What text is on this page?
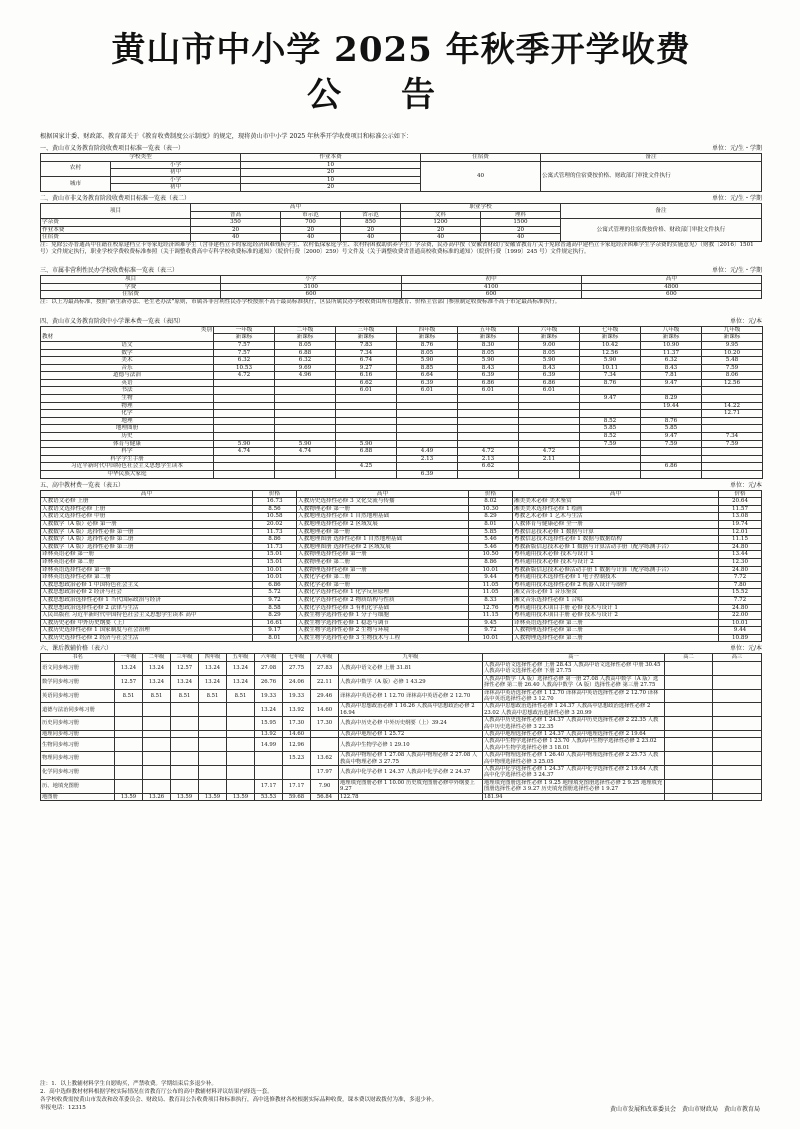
黄山市中小学 2025 年秋季开学收费
公告
根据国家计委、财政部、教育部关于《教育收费制度公示制度》的规定，现将黄山市中小学 2025 年秋季开学收费项目和标准公示如下：
一、黄山市义务教育阶段收费项目标准一览表（表一）	单位：元/生・学期
学校类型		作业本费	住宿费	备注
农村	小学	10	40	公寓式管理的住宿费按价格、财政部门审批文件执行
	初中	20		
城市	小学	10		
	初中	20		
二、黄山市非义务教育阶段收费项目标准一览表（表二）	单位：元/生・学期
项目	高中			职业学校		备注
	普高	市示范	省示范	文科	理科	
学杂费	350	700	850	1200	1500	公寓式管理的住宿费按价格、财政部门审批文件执行
作业本费	20	20	20	20	20	
住宿费	40	40	40	40	40	
注：免除公办普通高中在籍在校原建档立卡等家庭经济困难学生（含非建档立卡的家庭经济困难残疾学生、农村低保家庭学生、农村特困救助供养学生）学杂费，民办高中按（安徽省财政厅安徽省教育厅关于免除普通高中建档立卡家庭经济困难学生学杂费的实施意见）（财教〔2016〕1501 号）文件规定执行，职业学校学费收费标准参照（关于调整收费高中专科学校收费标准的通知）（皖价行费〔2000〕259）号文件及（关于调整收费省普通高校收费标准的通知）（皖价行费〔1999〕245 号）文件规定执行。
三、市属非营利性民办学校收费标准一览表（表三）	单位：元/生・学期
项目	小学	初中	高中
学费	3100	4100	4800
住宿费	600	600	600
注：以上为最高标准，按照“新生新办法、老生老办法”原则，市属各非营利性民办学校按照不高于最高标准执行，区县所属民办学校收费由所在地教育、价格主管部门参照制定收费标准不高于市定最高标准执行。
四、黄山市义务教育阶段中小学课本费一览表（表四）	单位：元/本
类别

教材	一年级	二年级	三年级	四年级	五年级	六年级	七年级	八年级	九年级
	新课标	新课标	新课标	新课标	新课标	新课标	新课标	新课标	新课标
语文	7.57	8.05	7.83	8.76	8.30	9.00	10.42	10.90	9.95
数学	7.57	6.88	7.34	8.05	8.05	8.05	12.56	11.37	10.20
美术	6.32	6.32	6.74	5.90	5.90	5.90	5.90	6.32	5.48
音乐	10.53	9.69	9.27	8.85	8.43	8.43	10.11	8.43	7.59
道德与法治	4.72	4.96	6.16	6.64	6.39	6.39	7.34	7.81	8.06
英语			6.62	6.39	6.86	6.86	8.76	9.47	12.56
书法			6.01	6.01	6.01	6.01			
生物							9.47	8.29	
物理								19.44	14.22
化学									12.71
地理							8.52	8.76	
地理图册							5.85	5.85	
历史							8.52	9.47	7.34
体育与健康	5.90	5.90	5.90				7.59	7.59	7.59
科学	4.74	4.74	6.88	4.49	4.72	4.72			
科学学生手册				2.13	2.13	2.11			
习近平新时代中国特色社会主义思想学生读本			4.25		6.62			6.86	
中华民族大家庭				6.39					
五、高中教材费一览表（表五）	单位：元/本
高中	价格	高中	价格	高中	价格
人教语文必修 上册	16.73	人教历史选择性必修 3 文化交流与传播	8.02	湘美美术必修 美术鉴赏	20.64
人教语文选择性必修 上册	8.56	人教物理必修 第一册	10.30	湘美美术选择性必修 1 绘画	11.57
人教语文选择性必修 中册	10.58	人教地理选择性必修 1 自然地理基础	8.29	粤教艺术必修 1 艺术与生活	13.08
人教数学（A 版）必修 第一册	20.02	人教地理选择性必修 2 区域发展	8.01	人教体育与健康必修 全一册	19.74
人教数学（A 版）选择性必修 第一册	11.73	人教地理必修 第一册	5.85	粤教信息技术必修 1 数据与计算	12.01
人教数学（A 版）选择性必修 第二册	8.86	人教地理图册 选择性必修 1 自然地理基础	5.46	粤教信息技术选择性必修 1 数据与数据结构	11.15
人教数学（A 版）选择性必修 第三册	11.73	人教地理图册 选择性必修 2 区域发展	5.46	粤教新版信息技术必修 1 数据与计算活动手册（配学练测手合）	24.80
译林英语必修 第一册	15.01	人教物理选择性必修 第一册	10.50	粤科通用技术必修 技术与设计 1	13.44
译林英语必修 第二册	15.01	人教物理必修 第二册	8.86	粤科通用技术必修 技术与设计 2	12.30
译林英语选择性必修 第一册	10.01	人教物理选择性必修 第一册	10.01	粤教新版信息技术必修活动手册 1 数据与计算（配学练测手合）	24.80
译林英语选择性必修 第二册	10.01	人教化学必修 第二册	9.44	粤科通用技术选择性必修 1 电子控制技术	7.72
人教思想政治必修 1 中国特色社会主义	6.86	人教化学必修 第一册	11.05	粤科通用技术选择性必修 2 机器人设计与制作	7.80
人教思想政治必修 2 经济与社会	5.72	人教化学选择性必修 1 化学反应原理	11.05	湘文音乐必修 1 音乐鉴赏	15.52
人教思想政治选择性必修 1 当代国际政治与经济	9.72	人教化学选择性必修 2 物质结构与性质	8.33	湘文音乐选择性必修 1 合唱	7.72
人教思想政治选择性必修 2 法律与生活	8.58	人教化学选择性必修 3 有机化学基础	12.76	粤科通用技术项目手册 必修 技术与设计 1	24.80
人民出版社 习近平新时代中国特色社会主义思想学生读本 高中	8.29	人教生物学选择性必修 1 分子与细胞	11.15	粤科通用技术项目手册 必修 技术与设计 2	22.00
人教历史必修 中外历史纲要（上）	16.61	人教生物学选择性必修 1 稳态与调节	9.45	译林英语选择性必修 第三册	10.01
人教历史选择性必修 1 国家制度与社会治理	9.17	人教生物学选择性必修 2 生物与环境	9.72	人教物理选择性必修 第三册	9.44
人教历史选择性必修 2 经济与社会生活	8.01	人教生物学选择性必修 3 生物技术与工程	10.01	人教物理选择性必修 第三册	10.89
六、课后教辅价格（表六）	单位：元/本
书名	一年级	二年级	三年级	四年级	五年级	六年级	七年级	八年级	九年级	高一	高二	高三
语文同步练习册	13.24	13.24	12.57	13.24	13.24	27.08	27.75	27.83	人教高中语文必修 上册 31.81	人教高中语文选择性必修 上册 28.43 人教高中语文选择性必修 中册 30.45 人教高中语文选择性必修 下册 27.75		
数学同步练习册	12.57	13.24	13.24	13.24	13.24	26.76	24.06	22.11	人教高中数学（A 版）必修 1 43.29	人教高中数学（A 版）选择性必修 第一册 27.08 人教高中数学（A 版）选择性必修 第二册 26.40 人教高中数学（A 版）选择性必修 第三册 27.75		
英语同步练习册	8.51	8.51	8.51	8.51	8.51	19.33	19.33	29.46	译林高中英语必修 1 12.70 译林高中英语必修 2 12.70	译林高中英语选择性必修 1 12.70 译林高中英语选择性必修 2 12.70 译林高中英语选择性必修 3 12.70		
道德与法治同步练习册						13.24	13.92	14.60	人教高中思想政治必修 1 16.26 人教高中思想政治必修 2 16.94	人教高中思想政治选择性必修 1 24.37 人教高中思想政治选择性必修 2 23.02 人教高中思想政治选择性必修 3 20.99		
历史同步练习册						15.95	17.30	17.30	人教高中历史必修 中外历史纲要（上）39.24	人教高中历史选择性必修 1 24.37 人教高中历史选择性必修 2 22.35 人教高中历史选择性必修 3 22.35		
地理同步练习册						13.92	14.60		人教高中地理必修 1 25.72	人教高中地理选择性必修 1 24.37 人教高中地理选择性必修 2 19.64		
生物同步练习册						14.99	12.96		人教高中生物学必修 1 29.10	人教高中生物学选择性必修 1 23.70 人教高中生物学选择性必修 2 23.02 人教高中生物学选择性必修 3 18.01		
物理同步练习册							15.23	13.62	人教高中物理必修 1 27.08 人教高中物理必修 2 27.08 人教高中物理必修 3 27.75	人教高中物理选择性必修 1 26.40 人教高中物理选择性必修 2 25.73 人教高中物理选择性必修 3 25.05		
化学同步练习册								17.97	人教高中化学必修 1 24.37 人教高中化学必修 2 24.37	人教高中化学选择性必修 1 24.37 人教高中化学选择性必修 2 19.64 人教高中化学选择性必修 3 24.37		
历、地填充图册						17.17	17.17	7.90	地理填充图册必修 1 10.00 历史填充图册必修中外纲要上 9.27	地理填充图册选择性必修 1 9.25 地理填充图册选择性必修 2 9.25 地理填充图册选择性必修 3 9.27 历史填充图册选择性必修 1 9.27		
地图册	13.59	13.26	13.59	13.59	13.59	53.53	59.68	56.84	122.78	181.94		
注：1．以上教辅材料学生自愿购买，严禁收费。学期结束后多退少补。
2．高中选修教材材料根据学校实际情况在省教育厅公布的高中教辅材料评议结果内择选一套。
各学校收费需按黄山市发改和改革委员会、财政局、教育局公告收费项目和标准执行，高中选修教材各校根据实际品种收费，课本费以财政拨付为准，多退少补。
举报电话：12315	黄山市发展和改革委员会　黄山市财政局　黄山市教育局
